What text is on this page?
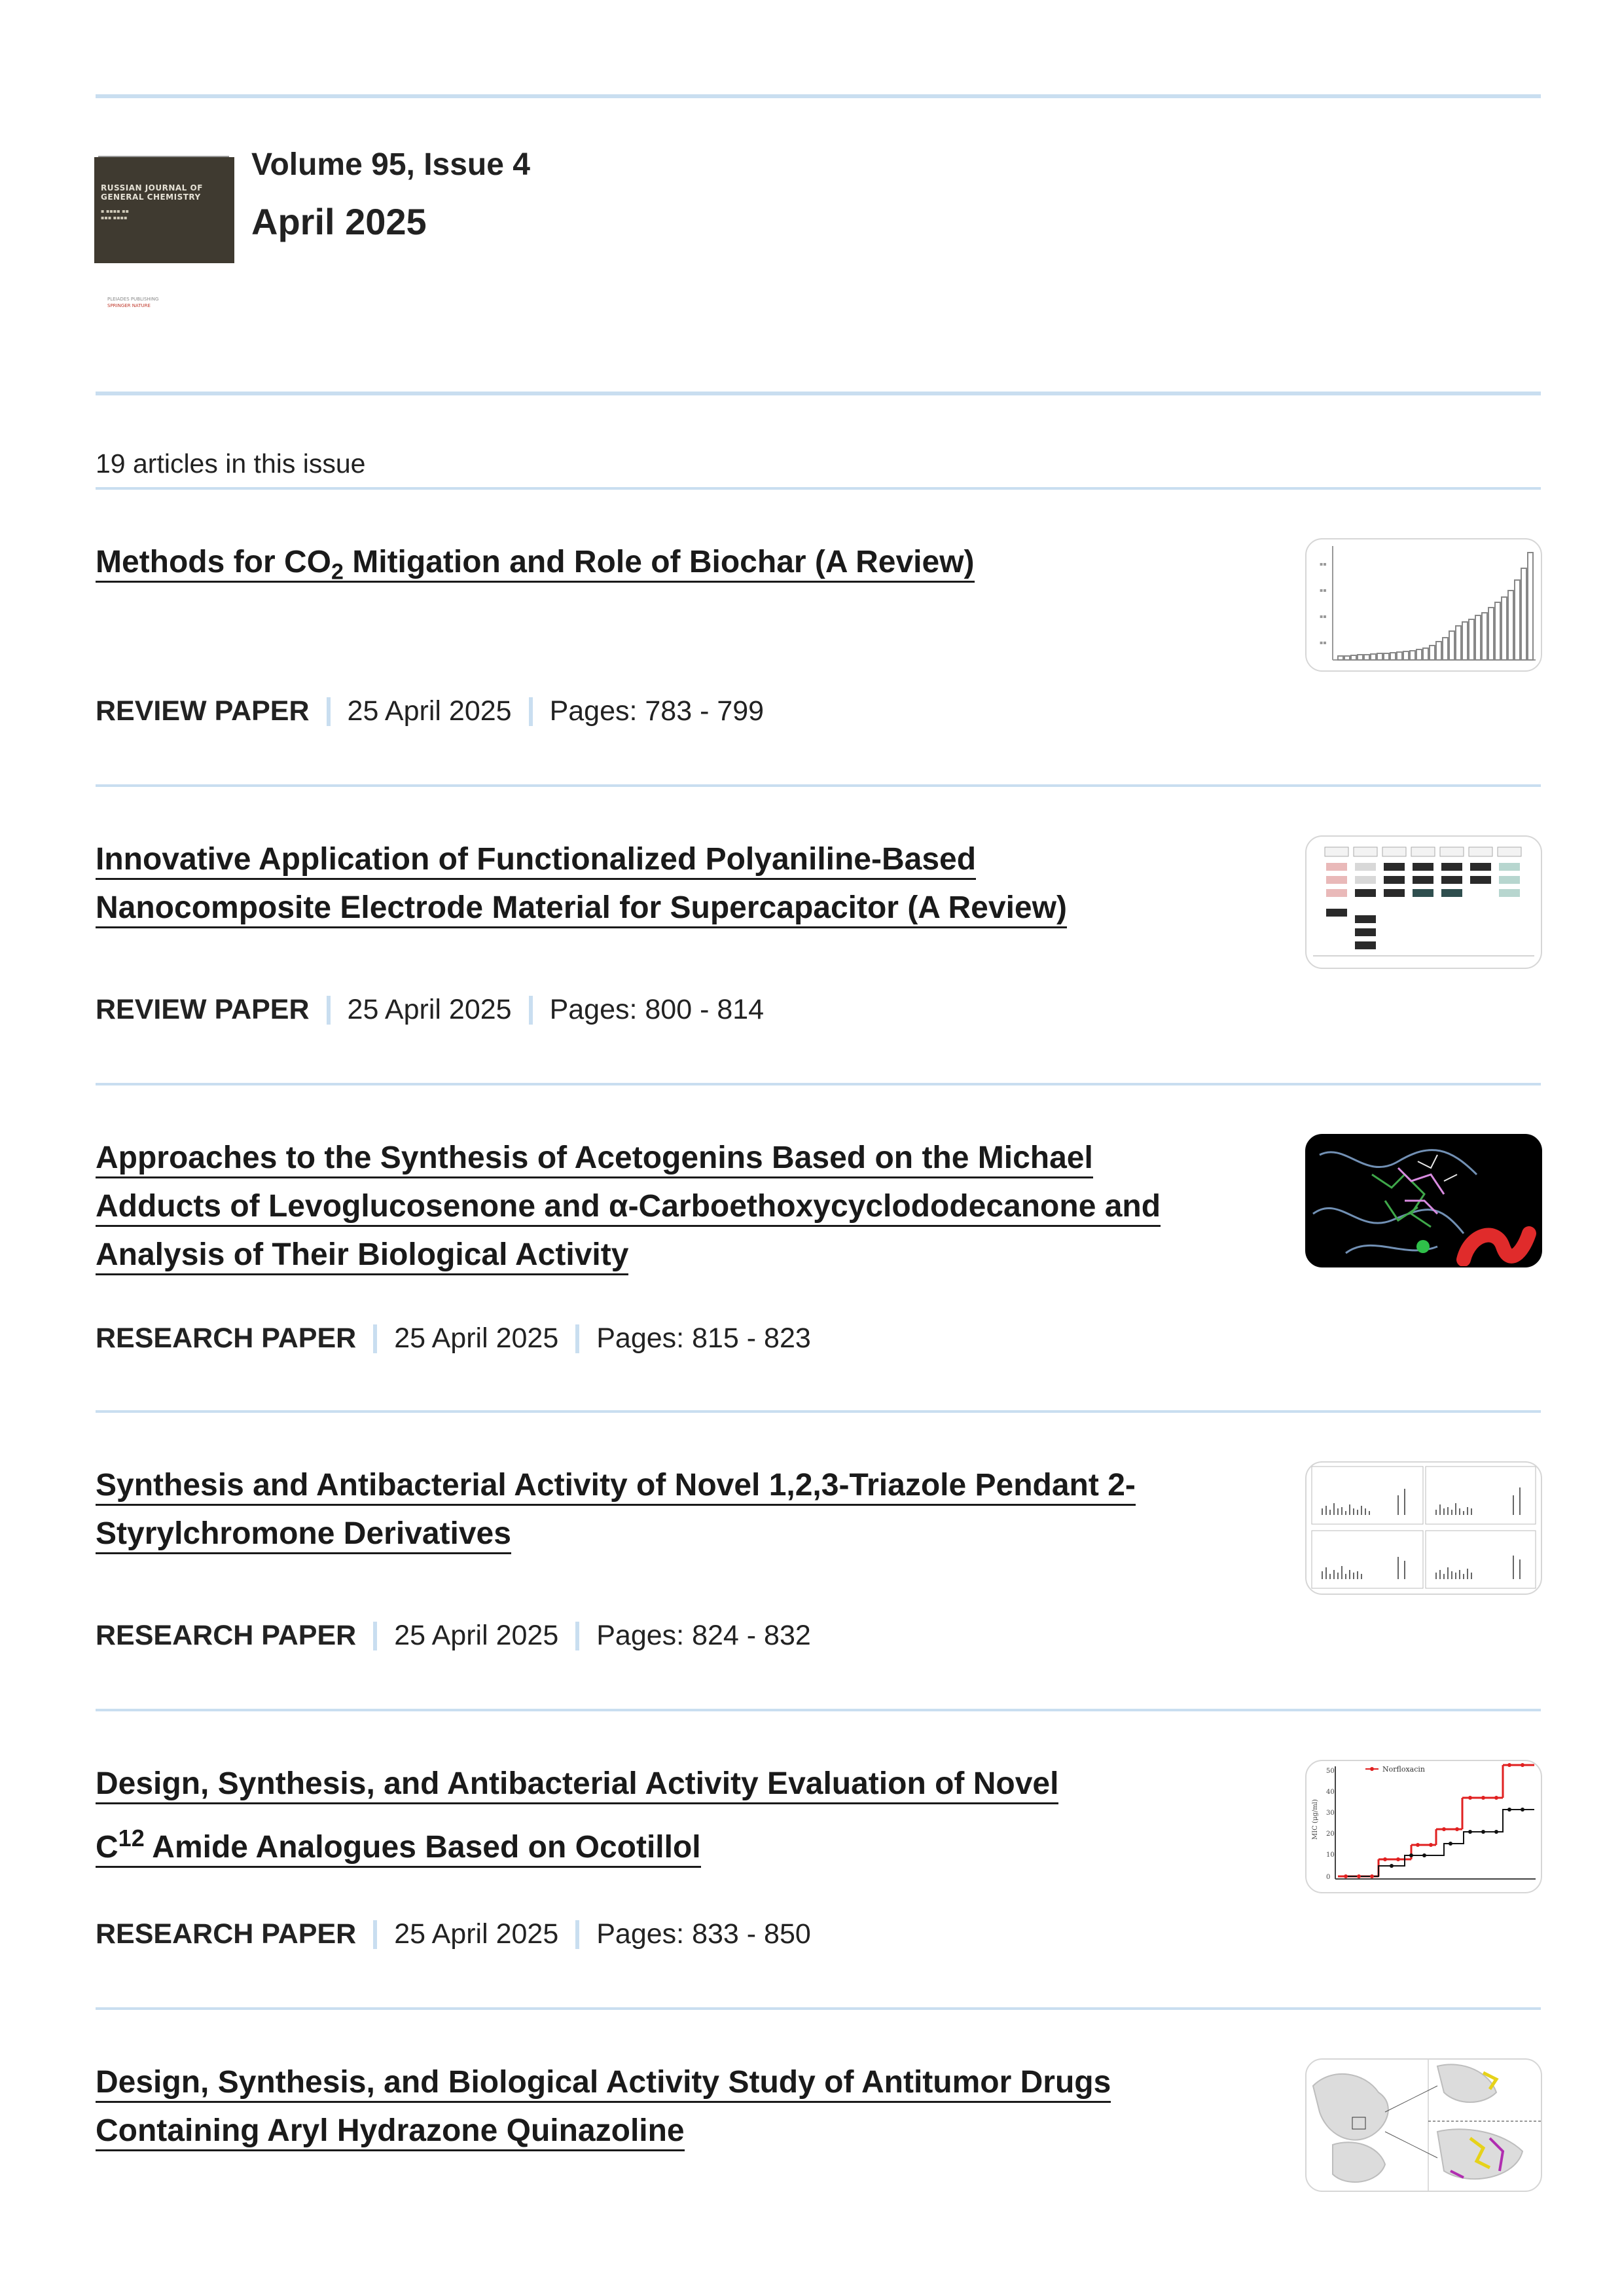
RUSSIAN JOURNAL OF GENERAL CHEMISTRY
▪ ▪▪▪▪ ▪▪
▪▪▪ ▪▪▪▪
PLEIADES PUBLISHING
SPRINGER NATURE
Volume 95, Issue 4
April 2025
19 articles in this issue
Methods for $CO_2$ Mitigation and Role of Biochar (A Review)
REVIEW PAPER 25 April 2025 Pages: 783 - 799
▪▪
▪▪
▪▪
▪▪
Innovative Application of Functionalized Polyaniline-Based
Nanocomposite Electrode Material for Supercapacitor (A Review)
REVIEW PAPER 25 April 2025 Pages: 800 - 814
Approaches to the Synthesis of Acetogenins Based on the Michael
Adducts of Levoglucosenone and α-Carboethoxycyclododecanone and
Analysis of Their Biological Activity
RESEARCH PAPER 25 April 2025 Pages: 815 - 823
Synthesis and Antibacterial Activity of Novel 1,2,3-Triazole Pendant 2-
Styrylchromone Derivatives
RESEARCH PAPER 25 April 2025 Pages: 824 - 832
Design, Synthesis, and Antibacterial Activity Evaluation of Novel
$C^{12}$ Amide Analogues Based on Ocotillol
RESEARCH PAPER 25 April 2025 Pages: 833 - 850
50
40
30
20
10
0
MIC (μg/ml)
Norfloxacin
Design, Synthesis, and Biological Activity Study of Antitumor Drugs
Containing Aryl Hydrazone Quinazoline
